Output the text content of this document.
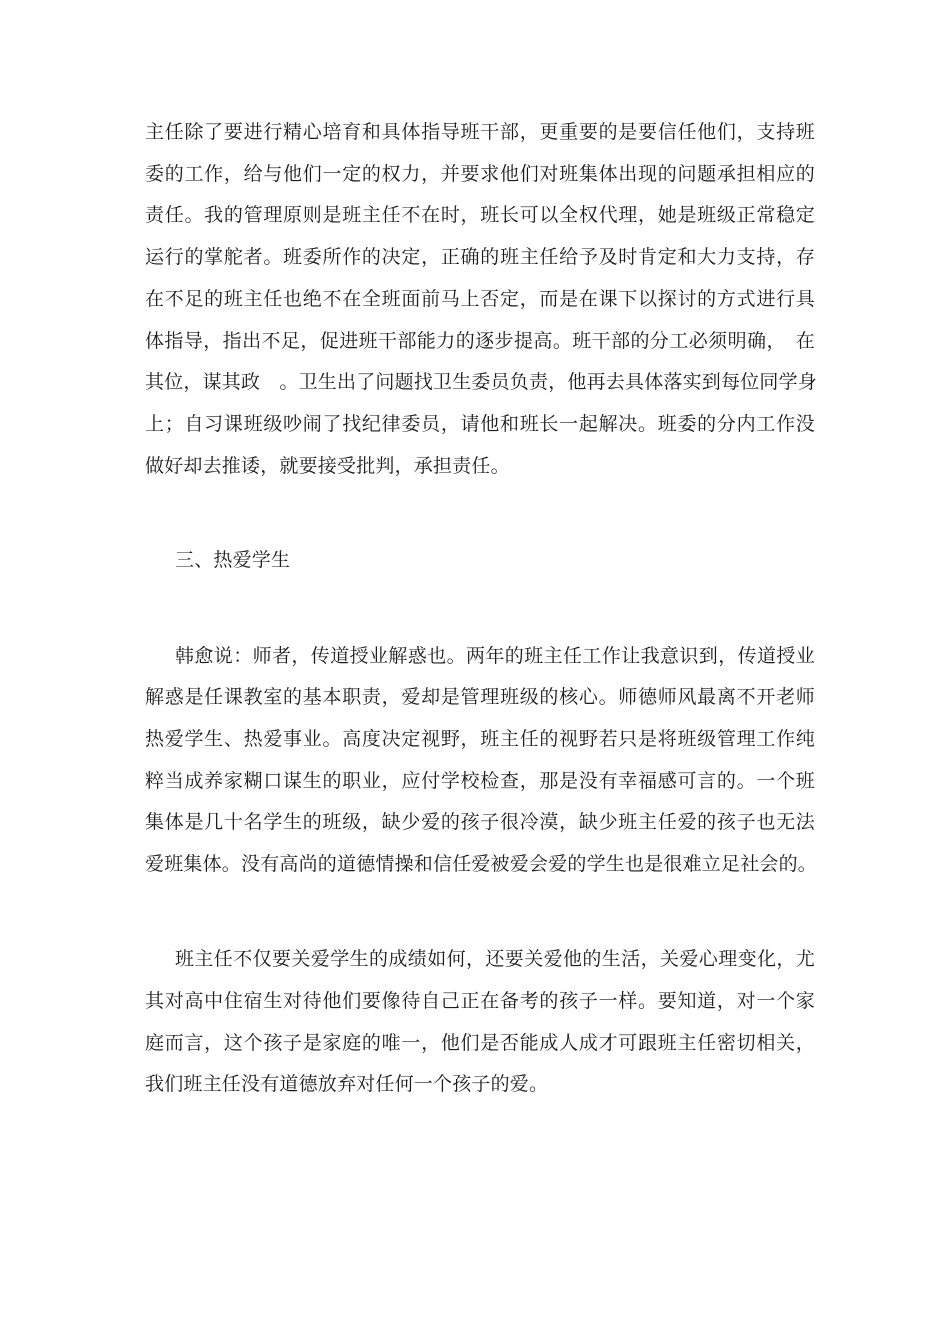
主任除了要进行精心培育和具体指导班干部，更重要的是要信任他们，支持班
委的工作，给与他们一定的权力，并要求他们对班集体出现的问题承担相应的
责任。我的管理原则是班主任不在时，班长可以全权代理，她是班级正常稳定
运行的掌舵者。班委所作的决定，正确的班主任给予及时肯定和大力支持，存
在不足的班主任也绝不在全班面前马上否定，而是在课下以探讨的方式进行具
体指导，指出不足，促进班干部能力的逐步提高。班干部的分工必须明确，　在
其位，谋其政　。卫生出了问题找卫生委员负责，他再去具体落实到每位同学身
上；自习课班级吵闹了找纪律委员，请他和班长一起解决。班委的分内工作没
做好却去推诿，就要接受批判，承担责任。
三、热爱学生
韩愈说：师者，传道授业解惑也。两年的班主任工作让我意识到，传道授业
解惑是任课教室的基本职责，爱却是管理班级的核心。师德师风最离不开老师
热爱学生、热爱事业。高度决定视野，班主任的视野若只是将班级管理工作纯
粹当成养家糊口谋生的职业，应付学校检查，那是没有幸福感可言的。一个班
集体是几十名学生的班级，缺少爱的孩子很冷漠，缺少班主任爱的孩子也无法
爱班集体。没有高尚的道德情操和信任爱被爱会爱的学生也是很难立足社会的。
班主任不仅要关爱学生的成绩如何，还要关爱他的生活，关爱心理变化，尤
其对高中住宿生对待他们要像待自己正在备考的孩子一样。要知道，对一个家
庭而言，这个孩子是家庭的唯一，他们是否能成人成才可跟班主任密切相关，
我们班主任没有道德放弃对任何一个孩子的爱。
